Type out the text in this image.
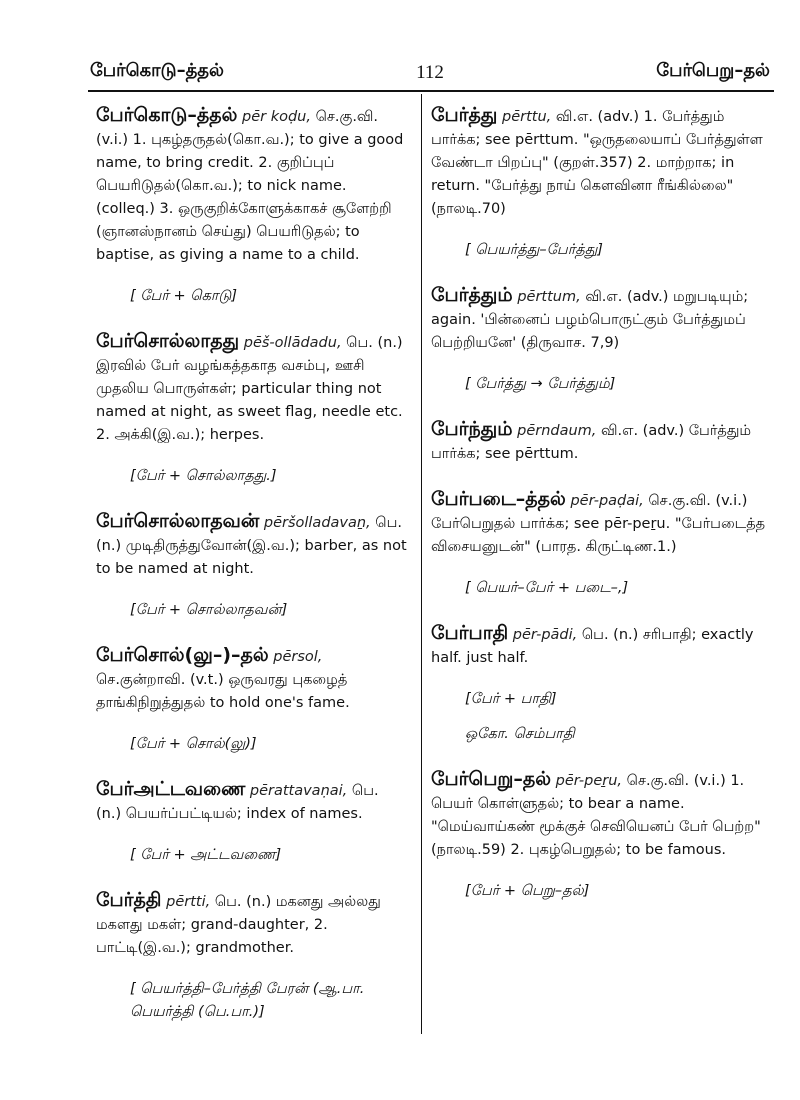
பேர்கொடு–த்தல்	112	பேர்பெறு–தல்

பேர்கொடு–த்தல் pēr koḍu, செ.கு.வி. (v.i.) 1. புகழ்தருதல்(கொ.வ.); to give a good name, to bring credit. 2. குறிப்புப் பெயரிடுதல்(கொ.வ.); to nick name. (colleq.) 3. ஒருகுறிக்கோளுக்காகச் சூளேற்றி (ஞானஸ்நானம் செய்து) பெயரிடுதல்; to baptise, as giving a name to a child.

[ பேர் + கொடு]

பேர்சொல்லாதது pēš-ollādadu, பெ. (n.) இரவில் பேர் வழங்கத்தகாத வசம்பு, ஊசி முதலிய பொருள்கள்; particular thing not named at night, as sweet flag, needle etc. 2. அக்கி(இ.வ.); herpes.

[பேர் + சொல்லாதது.]

பேர்சொல்லாதவன் pēršolladavaṉ, பெ. (n.) முடிதிருத்துவோன்(இ.வ.); barber, as not to be named at night.

[பேர் + சொல்லாதவன்]

பேர்சொல்(லு–)–தல் pērsol, செ.குன்றாவி. (v.t.) ஒருவரது புகழைத் தாங்கிநிறுத்துதல் to hold one's fame.

[பேர் + சொல்(லு)]

பேர்அட்டவணை pērattavaṇai, பெ. (n.) பெயர்ப்பட்டியல்; index of names.

[ பேர் + அட்டவணை]

பேர்த்தி pērtti, பெ. (n.) மகனது அல்லது மகளது மகள்; grand-daughter, 2. பாட்டி(இ.வ.); grandmother.

[ பெயர்த்தி–பேர்த்தி பேரன் (ஆ.பா. பெயர்த்தி (பெ.பா.)]

பேர்த்து pērttu, வி.எ. (adv.) 1. பேர்த்தும் பார்க்க; see pērttum. "ஒருதலையாப் பேர்த்துள்ள வேண்டா பிறப்பு" (குறள்.357) 2. மாற்றாக; in return. "பேர்த்து நாய் கௌவினா ரீங்கில்லை" (நாலடி.70)

[ பெயர்த்து–பேர்த்து]

பேர்த்தும் pērttum, வி.எ. (adv.) மறுபடியும்; again. 'பின்னைப் பழம்பொருட்கும் பேர்த்துமப் பெற்றியனே' (திருவாச. 7,9)

[ பேர்த்து → பேர்த்தும்]

பேர்ந்தும் pērndaum, வி.எ. (adv.) பேர்த்தும் பார்க்க; see pērttum.

பேர்படை–த்தல் pēr-paḍai, செ.கு.வி. (v.i.) பேர்பெறுதல் பார்க்க; see pēr-peṟu. "பேர்படைத்த விசையனுடன்" (பாரத. கிருட்டிண.1.)

[ பெயர்–பேர் + படை–,]

பேர்பாதி pēr-pādi, பெ. (n.) சரிபாதி; exactly half. just half.

[பேர் + பாதி]

ஒகோ. செம்பாதி

பேர்பெறு–தல் pēr-peṟu, செ.கு.வி. (v.i.) 1. பெயர் கொள்ளுதல்; to bear a name. "மெய்வாய்கண் மூக்குச் செவியெனப் பேர் பெற்ற" (நாலடி.59) 2. புகழ்பெறுதல்; to be famous.

[பேர் + பெறு–தல்]
